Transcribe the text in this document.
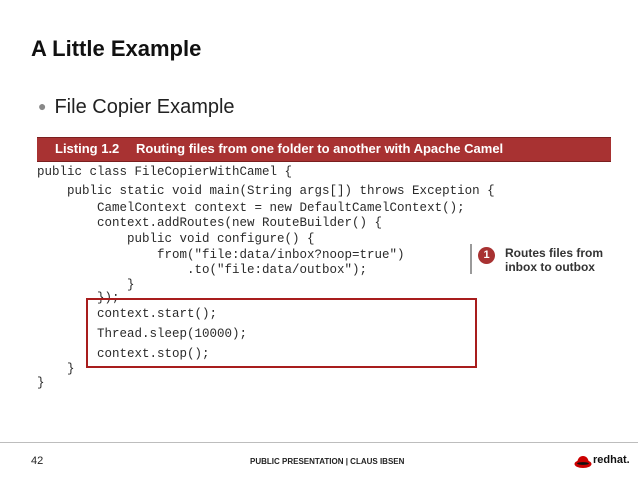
A Little Example
● File Copier Example
Listing 1.2 Routing files from one folder to another with Apache Camel
public class FileCopierWithCamel {
public static void main(String args[]) throws Exception {
CamelContext context = new DefaultCamelContext();
context.addRoutes(new RouteBuilder() {
public void configure() {
from("file:data/inbox?noop=true")
.to("file:data/outbox");
}
});
context.start();
Thread.sleep(10000);
context.stop();
}
}
1	Routes files from
inbox to outbox
42	PUBLIC PRESENTATION | CLAUS IBSEN	redhat.
